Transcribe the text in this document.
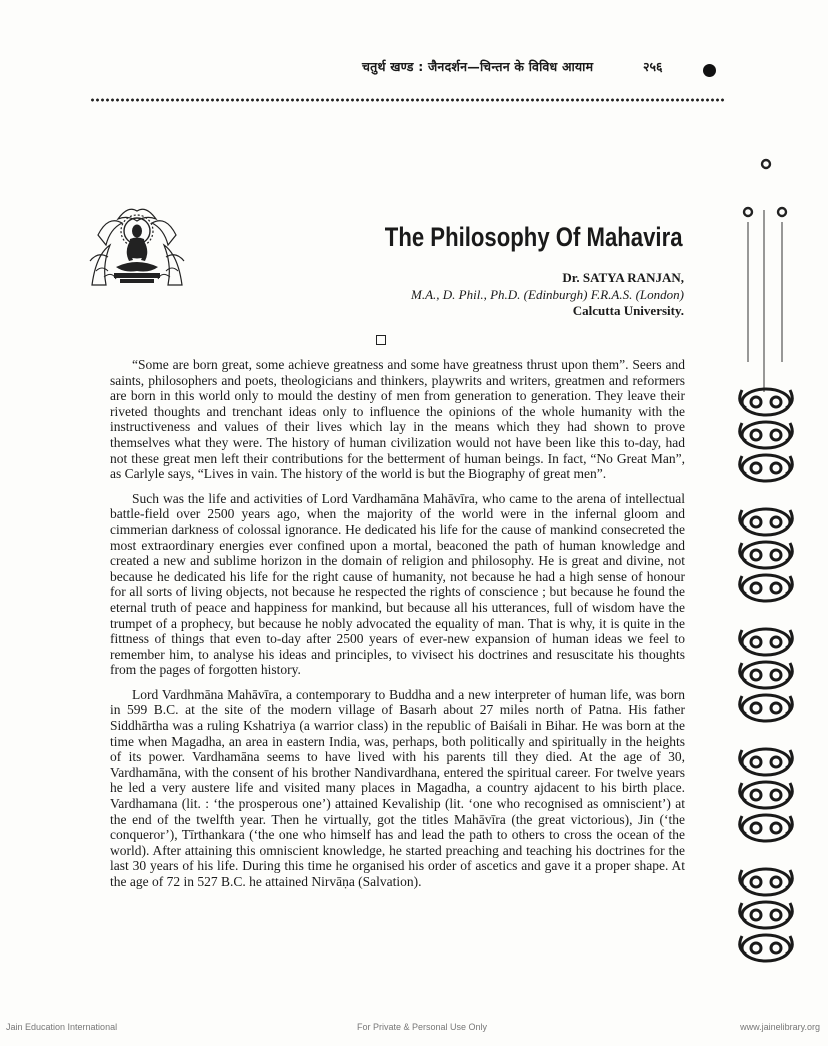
चतुर्थ खण्ड : जैनदर्शन—चिन्तन के विविध आयाम	२५६
The Philosophy Of Mahavira
Dr. SATYA RANJAN,
M.A., D. Phil., Ph.D. (Edinburgh) F.R.A.S. (London)
Calcutta University.

“Some are born great, some achieve greatness and some have greatness thrust upon them”. Seers and saints, philosophers and poets, theologicians and thinkers, playwrits and writers, greatmen and reformers are born in this world only to mould the destiny of men from generation to generation. They leave their riveted thoughts and trenchant ideas only to influence the opinions of the whole humanity with the instructiveness and values of their lives which lay in the means which they had shown to prove themselves what they were. The history of human civilization would not have been like this to-day, had not these great men left their contributions for the betterment of human beings. In fact, “No Great Man”, as Carlyle says, “Lives in vain. The history of the world is but the Biography of great men”.

Such was the life and activities of Lord Vardhamāna Mahāvīra, who came to the arena of intellectual battle-field over 2500 years ago, when the majority of the world were in the infernal gloom and cimmerian darkness of colossal ignorance. He dedicated his life for the cause of mankind consecreted the most extraordinary energies ever confined upon a mortal, beaconed the path of human knowledge and created a new and sublime horizon in the domain of religion and philosophy. He is great and divine, not because he dedicated his life for the right cause of humanity, not because he had a high sense of honour for all sorts of living objects, not because he respected the rights of conscience ; but because he found the eternal truth of peace and happiness for mankind, but because all his utterances, full of wisdom have the trumpet of a prophecy, but because he nobly advocated the equality of man. That is why, it is quite in the fittness of things that even to-day after 2500 years of ever-new expansion of human ideas we feel to remember him, to analyse his ideas and principles, to vivisect his doctrines and resuscitate his thoughts from the pages of forgotten history.

Lord Vardhmāna Mahāvīra, a contemporary to Buddha and a new interpreter of human life, was born in 599 B.C. at the site of the modern village of Basarh about 27 miles north of Patna. His father Siddhārtha was a ruling Kshatriya (a warrior class) in the republic of Baiśali in Bihar. He was born at the time when Magadha, an area in eastern India, was, perhaps, both politically and spiritually in the heights of its power. Vardhamāna seems to have lived with his parents till they died. At the age of 30, Vardhamāna, with the consent of his brother Nandivardhana, entered the spiritual career. For twelve years he led a very austere life and visited many places in Magadha, a country ajdacent to his birth place. Vardhamana (lit. : ‘the prosperous one’) attained Kevaliship (lit. ‘one who recognised as omniscient’) at the end of the twelfth year. Then he virtually, got the titles Mahāvīra (the great victorious), Jin (‘the conqueror’), Tīrthankara (‘the one who himself has and lead the path to others to cross the ocean of the world). After attaining this omniscient knowledge, he started preaching and teaching his doctrines for the last 30 years of his life. During this time he organised his order of ascetics and gave it a proper shape. At the age of 72 in 527 B.C. he attained Nirvāṇa (Salvation).

Jain Education International	For Private & Personal Use Only	www.jainelibrary.org
